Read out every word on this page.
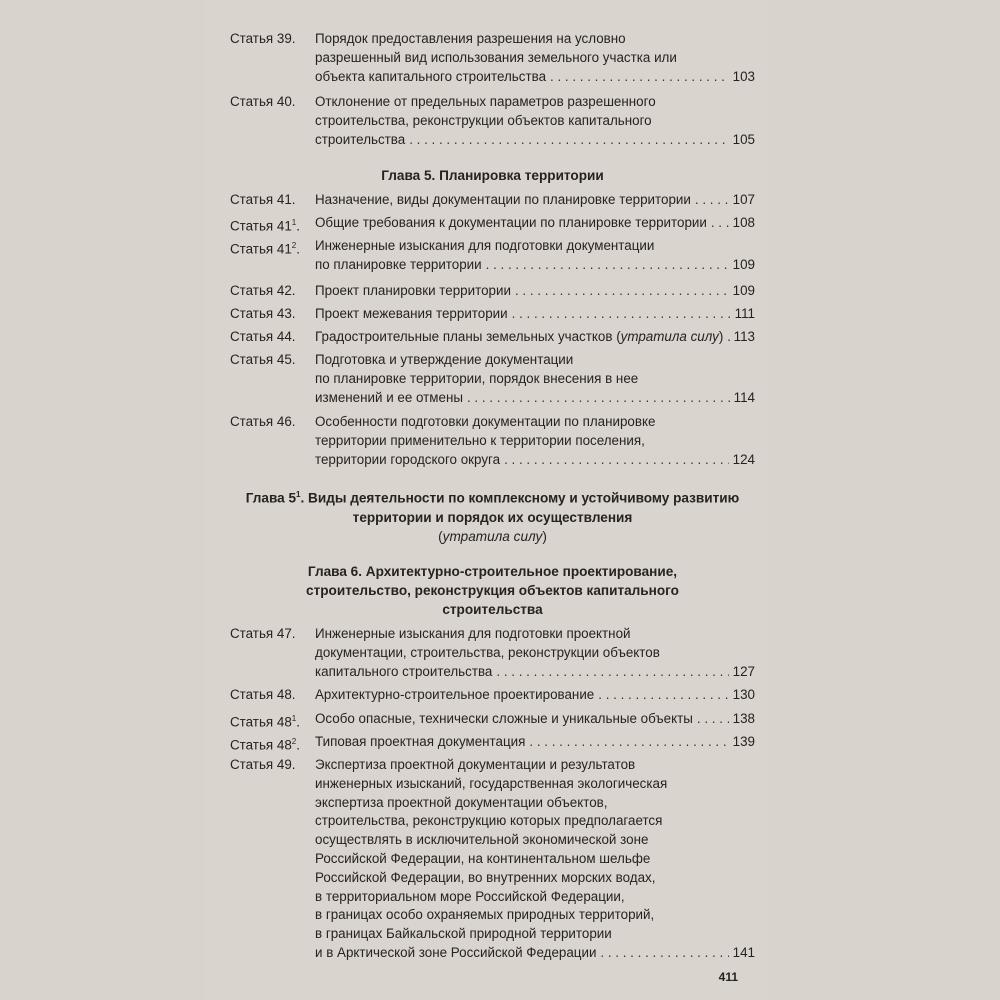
Статья 39.	Порядок предоставления разрешения на условно
разрешенный вид использования земельного участка или
объекта капитального строительства . . .	103
Статья 40.	Отклонение от предельных параметров разрешенного
строительства, реконструкции объектов капитального
строительства . . .	105
Глава 5. Планировка территории
Статья 41.	Назначение, виды документации по планировке территории . . .	107
Статья $41^1$.	Общие требования к документации по планировке территории . . . 108
Статья $41^2$.	Инженерные изыскания для подготовки документации
по планировке территории . . .	109
Статья 42.	Проект планировки территории . . .	109
Статья 43.	Проект межевания территории . . .	111
Статья 44.	Градостроительные планы земельных участков (утратила силу) . . . 113
Статья 45.	Подготовка и утверждение документации
по планировке территории, порядок внесения в нее
изменений и ее отмены . . .	114
Статья 46.	Особенности подготовки документации по планировке
территории применительно к территории поселения,
территории городского округа . . .	124
Глава $5^1$. Виды деятельности по комплексному и устойчивому развитию
территории и порядок их осуществления
(утратила силу)
Глава 6. Архитектурно-строительное проектирование,
строительство, реконструкция объектов капитального
строительства
Статья 47.	Инженерные изыскания для подготовки проектной
документации, строительства, реконструкции объектов
капитального строительства . . .	127
Статья 48.	Архитектурно-строительное проектирование . . .	130
Статья $48^1$.	Особо опасные, технически сложные и уникальные объекты . . .	138
Статья $48^2$.	Типовая проектная документация . . .	139
Статья 49.	Экспертиза проектной документации и результатов
инженерных изысканий, государственная экологическая
экспертиза проектной документации объектов,
строительства, реконструкцию которых предполагается
осуществлять в исключительной экономической зоне
Российской Федерации, на континентальном шельфе
Российской Федерации, во внутренних морских водах,
в территориальном море Российской Федерации,
в границах особо охраняемых природных территорий,
в границах Байкальской природной территории
и в Арктической зоне Российской Федерации . . .	141
411
